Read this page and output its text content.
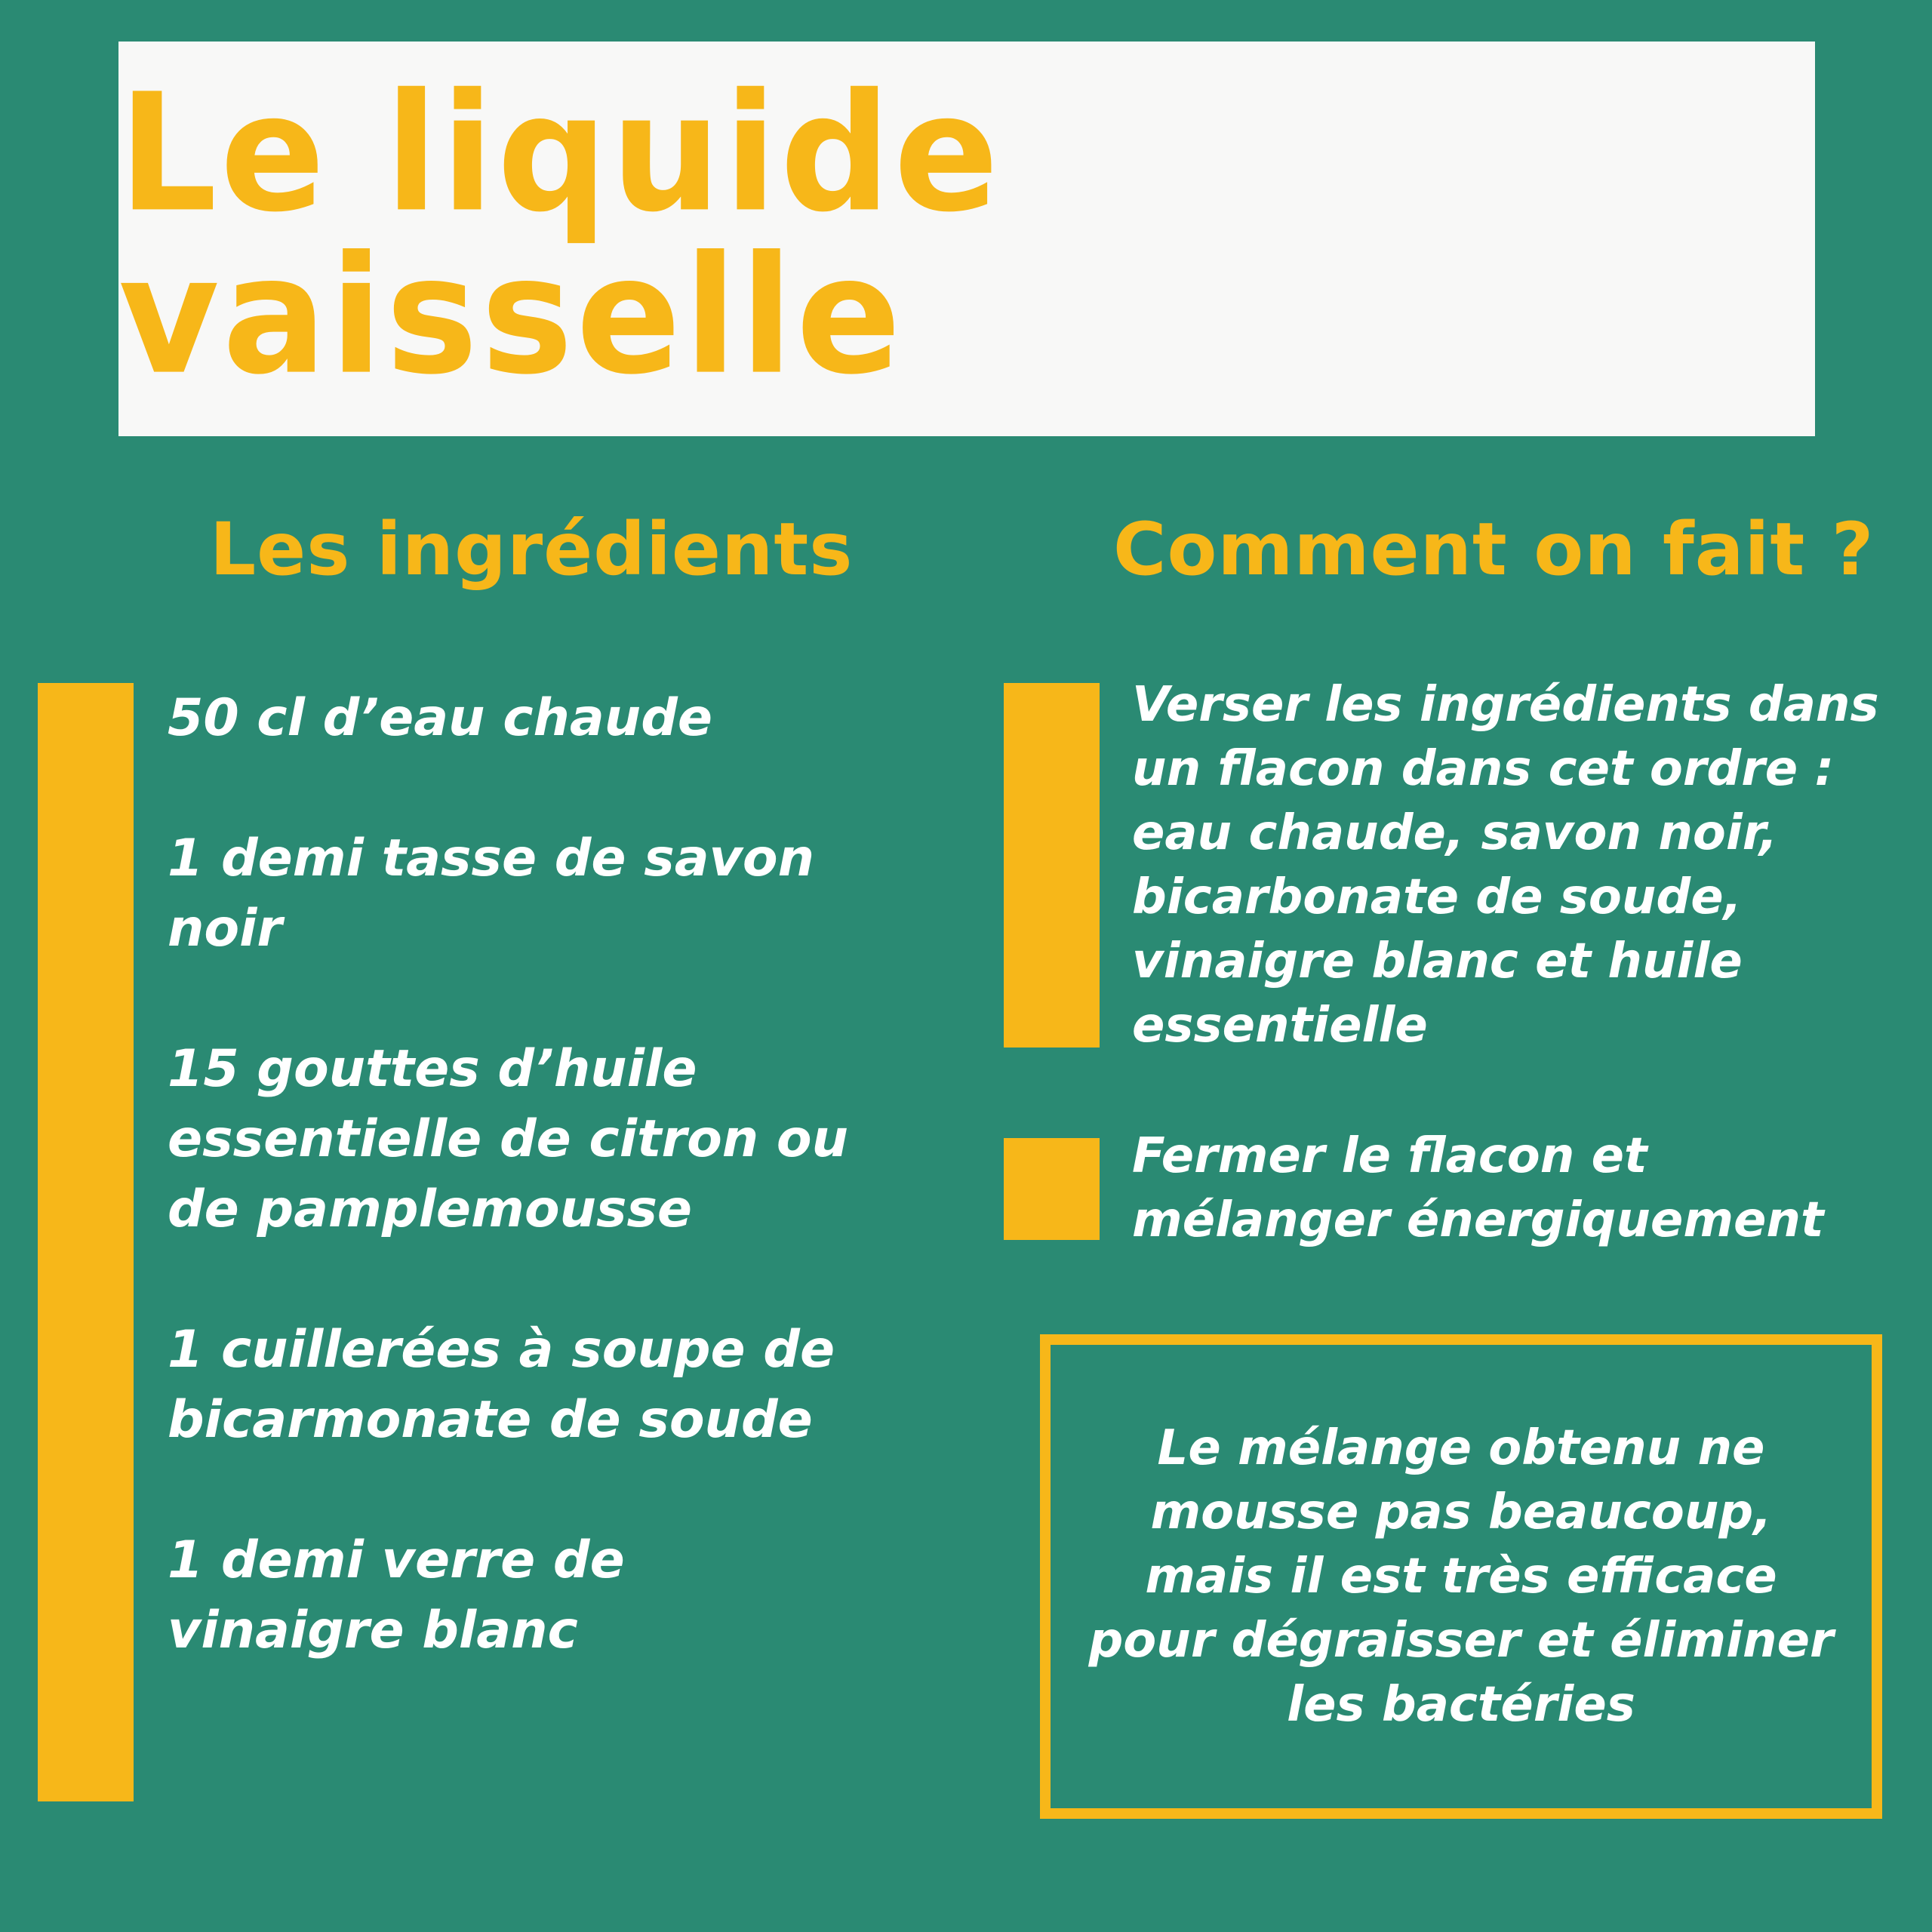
Le liquide vaisselle
Les ingrédients	Comment on fait ?
50 cl d’eau chaude
1 demi tasse de savon noir
15 gouttes d’huile essentielle de citron ou de pamplemousse
1 cuillerées à soupe de bicarmonate de soude
1 demi verre de vinaigre blanc
Verser les ingrédients dans un flacon dans cet ordre : eau chaude, savon noir, bicarbonate de soude, vinaigre blanc et huile essentielle
Fermer le flacon et mélanger énergiquement
Le mélange obtenu ne mousse pas beaucoup, mais il est très efficace pour dégraisser et éliminer les bactéries
